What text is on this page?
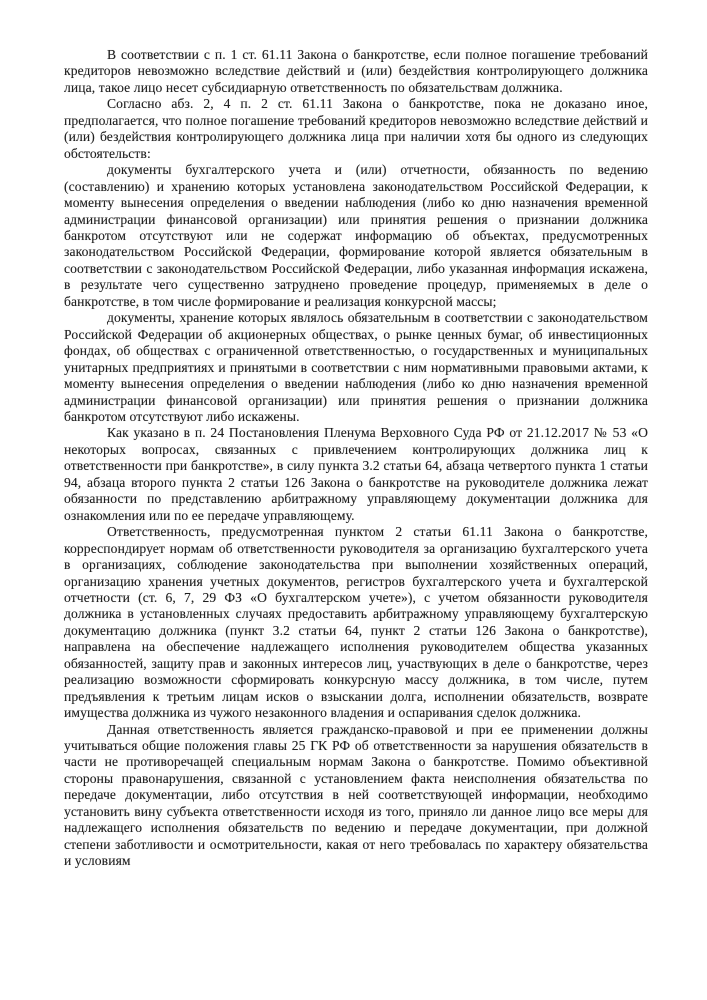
В соответствии с п. 1 ст. 61.11 Закона о банкротстве, если полное погашение требований кредиторов невозможно вследствие действий и (или) бездействия контролирующего должника лица, такое лицо несет субсидиарную ответственность по обязательствам должника.

Согласно абз. 2, 4 п. 2 ст. 61.11 Закона о банкротстве, пока не доказано иное, предполагается, что полное погашение требований кредиторов невозможно вследствие действий и (или) бездействия контролирующего должника лица при наличии хотя бы одного из следующих обстоятельств:

документы бухгалтерского учета и (или) отчетности, обязанность по ведению (составлению) и хранению которых установлена законодательством Российской Федерации, к моменту вынесения определения о введении наблюдения (либо ко дню назначения временной администрации финансовой организации) или принятия решения о признании должника банкротом отсутствуют или не содержат информацию об объектах, предусмотренных законодательством Российской Федерации, формирование которой является обязательным в соответствии с законодательством Российской Федерации, либо указанная информация искажена, в результате чего существенно затруднено проведение процедур, применяемых в деле о банкротстве, в том числе формирование и реализация конкурсной массы;

документы, хранение которых являлось обязательным в соответствии с законодательством Российской Федерации об акционерных обществах, о рынке ценных бумаг, об инвестиционных фондах, об обществах с ограниченной ответственностью, о государственных и муниципальных унитарных предприятиях и принятыми в соответствии с ним нормативными правовыми актами, к моменту вынесения определения о введении наблюдения (либо ко дню назначения временной администрации финансовой организации) или принятия решения о признании должника банкротом отсутствуют либо искажены.

Как указано в п. 24 Постановления Пленума Верховного Суда РФ от 21.12.2017 № 53 «О некоторых вопросах, связанных с привлечением контролирующих должника лиц к ответственности при банкротстве», в силу пункта 3.2 статьи 64, абзаца четвертого пункта 1 статьи 94, абзаца второго пункта 2 статьи 126 Закона о банкротстве на руководителе должника лежат обязанности по представлению арбитражному управляющему документации должника для ознакомления или по ее передаче управляющему.

Ответственность, предусмотренная пунктом 2 статьи 61.11 Закона о банкротстве, корреспондирует нормам об ответственности руководителя за организацию бухгалтерского учета в организациях, соблюдение законодательства при выполнении хозяйственных операций, организацию хранения учетных документов, регистров бухгалтерского учета и бухгалтерской отчетности (ст. 6, 7, 29 ФЗ «О бухгалтерском учете»), с учетом обязанности руководителя должника в установленных случаях предоставить арбитражному управляющему бухгалтерскую документацию должника (пункт 3.2 статьи 64, пункт 2 статьи 126 Закона о банкротстве), направлена на обеспечение надлежащего исполнения руководителем общества указанных обязанностей, защиту прав и законных интересов лиц, участвующих в деле о банкротстве, через реализацию возможности сформировать конкурсную массу должника, в том числе, путем предъявления к третьим лицам исков о взыскании долга, исполнении обязательств, возврате имущества должника из чужого незаконного владения и оспаривания сделок должника.

Данная ответственность является гражданско-правовой и при ее применении должны учитываться общие положения главы 25 ГК РФ об ответственности за нарушения обязательств в части не противоречащей специальным нормам Закона о банкротстве. Помимо объективной стороны правонарушения, связанной с установлением факта неисполнения обязательства по передаче документации, либо отсутствия в ней соответствующей информации, необходимо установить вину субъекта ответственности исходя из того, приняло ли данное лицо все меры для надлежащего исполнения обязательств по ведению и передаче документации, при должной степени заботливости и осмотрительности, какая от него требовалась по характеру обязательства и условиям
